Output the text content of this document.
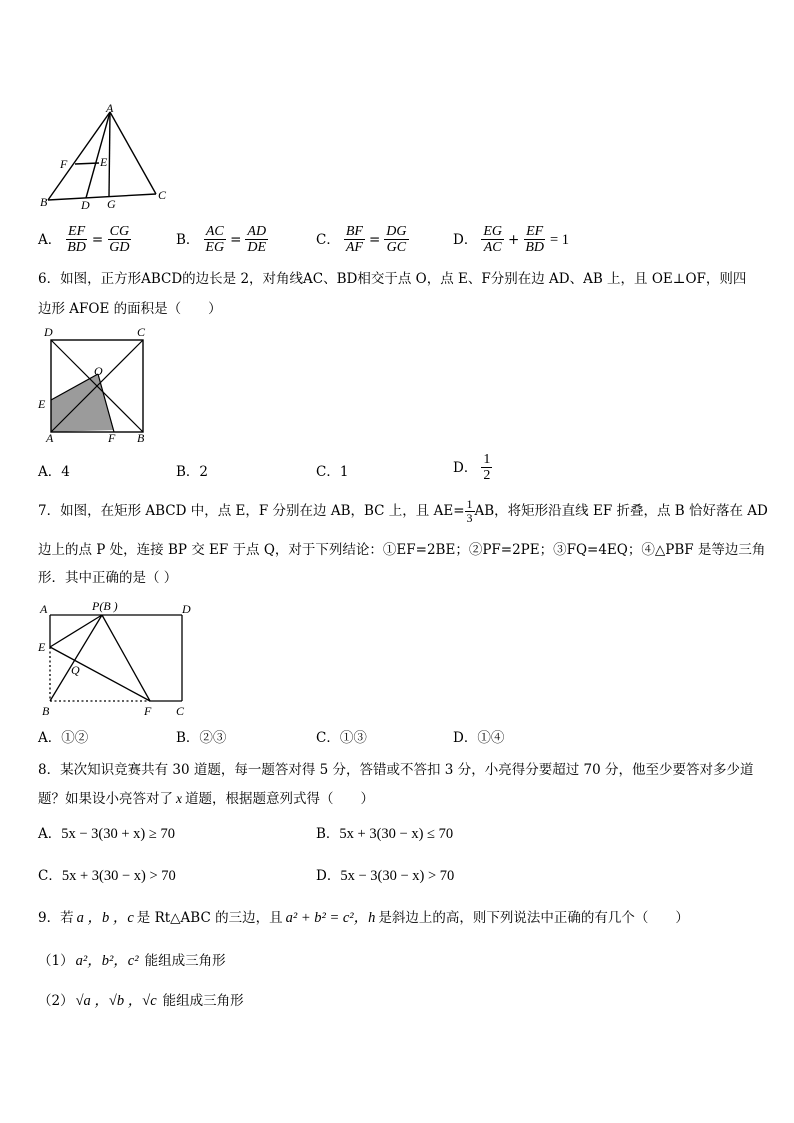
A
F	E
B	D G
C
A． $\frac{EF}{BD} = \frac{CG}{GD}$	B． $\frac{AC}{EG} = \frac{AD}{DE}$	C． $\frac{BF}{AF} = \frac{DG}{GC}$	D． $\frac{EG}{AC} + \frac{EF}{BD} = 1$
6．如图，正方形ABCD的边长是 2，对角线AC、BD相交于点 O，点 E、F分别在边 AD、AB 上，且 OE⊥OF，则四
边形 AFOE 的面积是（　　）
D	C
O
E
A	F B
A．4	B．2	C．1	D． $\frac{1}{2}$
7．如图，在矩形 ABCD 中，点 E，F 分别在边 AB，BC 上，且 $AE= \frac{1}{3}$ AB，将矩形沿直线 EF 折叠，点 B 恰好落在 AD
边上的点 P 处，连接 BP 交 EF 于点 Q，对于下列结论：①EF=2BE；②PF=2PE；③FQ=4EQ；④△PBF 是等边三角
形．其中正确的是（ ）
A	P(B )	D
E
Q
B	F C
A．①②	B．②③	C．①③	D．①④
8．某次知识竞赛共有 30 道题，每一题答对得 5 分，答错或不答扣 3 分，小亮得分要超过 70 分，他至少要答对多少道
题？如果设小亮答对了 x 道题，根据题意列式得（　　）
A．5x − 3(30 + x) ≥ 70	B．5x + 3(30 − x) ≤ 70
C．5x + 3(30 − x) > 70	D．5x − 3(30 − x) > 70
9．若 a ，b ，c 是 Rt△ABC 的三边，且 a² + b² = c²，h 是斜边上的高，则下列说法中正确的有几个（　　）
（1） a²，b²，c² 能组成三角形
（2） √a ，√b ，√c 能组成三角形
